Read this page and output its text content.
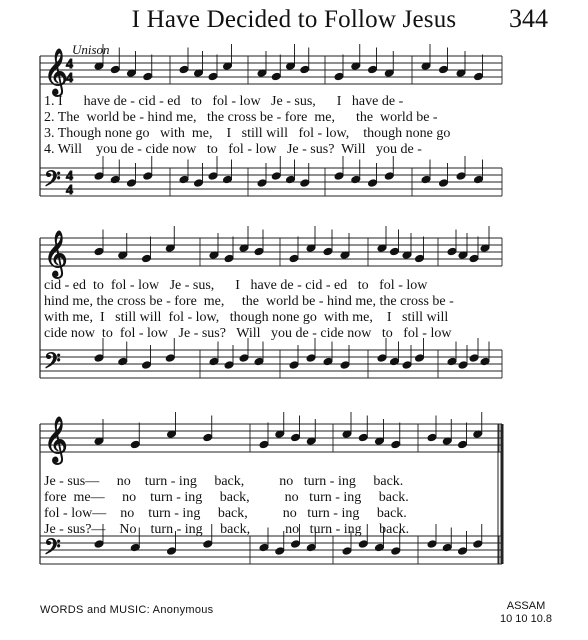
I Have Decided to Follow Jesus	344
Unison
𝄞
𝄢
4
4
4
4
𝄞
𝄢
𝄞
𝄢
1. I      have de - cid - ed   to   fol - low   Je - sus,      I   have de -
2. The  world be - hind me,   the cross be - fore  me,      the  world be -
3. Though none go   with  me,    I   still will   fol - low,    though none go
4. Will    you de - cide now   to   fol - low   Je - sus?  Will   you de -
cid - ed  to  fol - low   Je - sus,      I   have de - cid - ed   to   fol - low
hind me, the cross be - fore  me,     the  world be - hind me, the cross be -
with me,  I   still will  fol - low,   though none go  with me,    I   still will
cide now  to  fol - low   Je - sus?   Will   you de - cide now   to   fol - low
Je - sus—     no    turn - ing     back,          no   turn - ing     back.
fore  me—     no    turn - ing     back,          no   turn - ing     back.
fol - low—    no    turn - ing     back,          no   turn - ing     back.
Je - sus?—    No    turn - ing     back,          no   turn - ing     back.
WORDS and MUSIC: Anonymous	ASSAM
10 10 10.8
